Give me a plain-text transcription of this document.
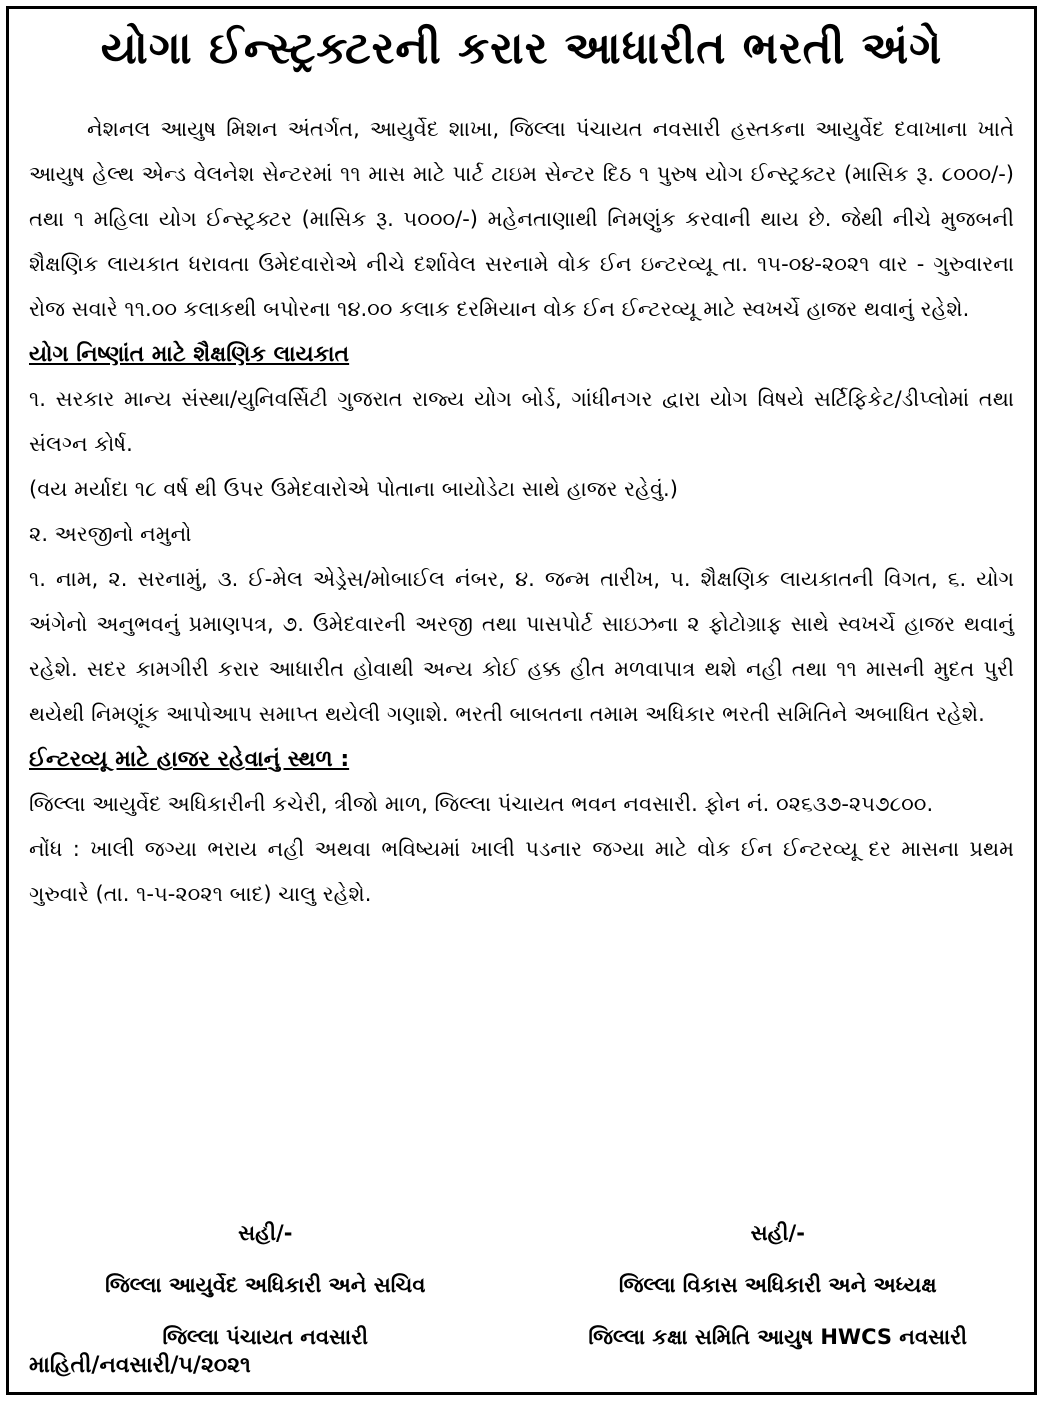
યોગા ઈન્સ્ટ્રક્ટરની કરાર આધારીત ભરતી અંગે

નેશનલ આયુષ મિશન અંતર્ગત, આયુર્વેદ શાખા, જિલ્લા પંચાયત નવસારી હસ્તકના આયુર્વેદ દવાખાના ખાતે આયુષ હેલ્થ એન્ડ વેલનેશ સેન્ટરમાં ૧૧ માસ માટે પાર્ટ ટાઇમ સેન્ટર દિઠ ૧ પુરુષ યોગ ઈન્સ્ટ્રક્ટર (માસિક રૂ. ૮૦૦૦/-) તથા ૧ મહિલા યોગ ઈન્સ્ટ્રક્ટર (માસિક રૂ. ૫૦૦૦/-) મહેનતાણાથી નિમણુંક કરવાની થાય છે. જેથી નીચે મુજબની શૈક્ષણિક લાયકાત ધરાવતા ઉમેદવારોએ નીચે દર્શાવેલ સરનામે વોક ઈન ઇન્ટરવ્યૂ તા. ૧૫-૦૪-૨૦૨૧ વાર - ગુરુવારના રોજ સવારે ૧૧.૦૦ કલાકથી બપોરના ૧૪.૦૦ કલાક દરમિયાન વોક ઈન ઈન્ટરવ્યૂ માટે સ્વખર્ચે હાજર થવાનું રહેશે.

યોગ નિષ્ણાંત માટે શૈક્ષણિક લાયકાત

૧. સરકાર માન્ય સંસ્થા/યુનિવર્સિટી ગુજરાત રાજ્ય યોગ બોર્ડ, ગાંધીનગર દ્વારા યોગ વિષયે સર્ટિફિકેટ/ડીપ્લોમાં તથા સંલગ્ન કોર્ષ.

(વય મર્યાદા ૧૮ વર્ષ થી ઉપર ઉમેદવારોએ પોતાના બાયોડેટા સાથે હાજર રહેવું.)

૨. અરજીનો નમુનો

૧. નામ, ૨. સરનામું, ૩. ઈ-મેલ એડ્રેસ/મોબાઈલ નંબર, ૪. જન્મ તારીખ, ૫. શૈક્ષણિક લાયકાતની વિગત, ૬. યોગ અંગેનો અનુભવનું પ્રમાણપત્ર, ૭. ઉમેદવારની અરજી તથા પાસપોર્ટ સાઇઝના ૨ ફોટોગ્રાફ સાથે સ્વખર્ચે હાજર થવાનું રહેશે. સદર કામગીરી કરાર આધારીત હોવાથી અન્ય કોઈ હક્ક હીત મળવાપાત્ર થશે નહી તથા ૧૧ માસની મુદત પુરી થયેથી નિમણૂંક આપોઆપ સમાપ્ત થયેલી ગણાશે. ભરતી બાબતના તમામ અધિકાર ભરતી સમિતિને અબાધિત રહેશે.

ઈન્ટરવ્યૂ માટે હાજર રહેવાનું સ્થળ :

જિલ્લા આયુર્વેદ અધિકારીની કચેરી, ત્રીજો માળ, જિલ્લા પંચાયત ભવન નવસારી. ફોન નં. ૦૨૬૩૭-૨૫૭૮૦૦.

નોંધ : ખાલી જગ્યા ભરાય નહી અથવા ભવિષ્યમાં ખાલી પડનાર જગ્યા માટે વોક ઈન ઈન્ટરવ્યૂ દર માસના પ્રથમ ગુરુવારે (તા. ૧-૫-૨૦૨૧ બાદ) ચાલુ રહેશે.

સહી/-
જિલ્લા આયુર્વેદ અધિકારી અને સચિવ
જિલ્લા પંચાયત નવસારી
સહી/-
જિલ્લા વિકાસ અધિકારી અને અધ્યક્ષ
જિલ્લા કક્ષા સમિતિ આયુષ HWCS નવસારી
માહિતી/નવસારી/૫/૨૦૨૧
